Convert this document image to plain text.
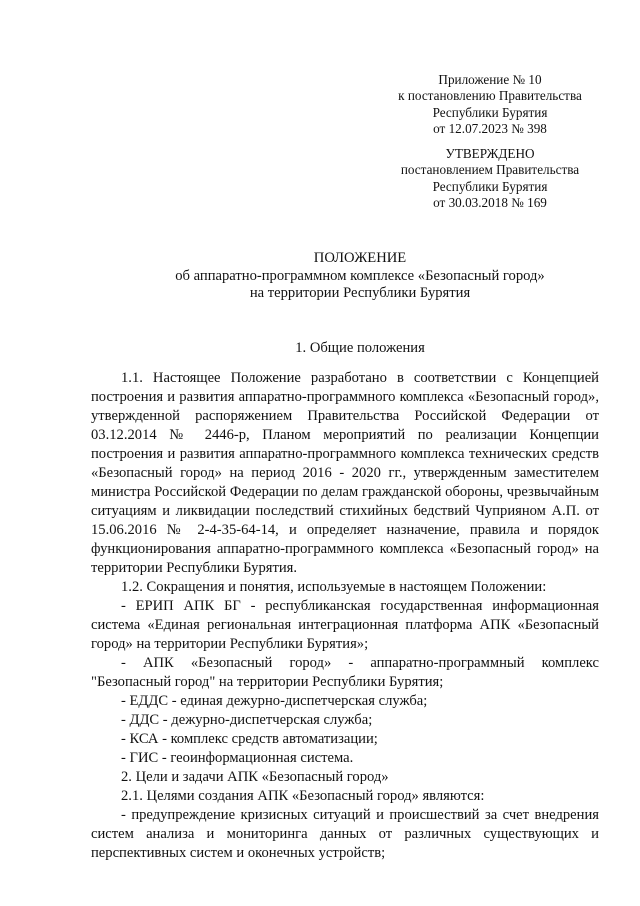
Приложение № 10
к постановлению Правительства
Республики Бурятия
от 12.07.2023 № 398
УТВЕРЖДЕНО
постановлением Правительства
Республики Бурятия
от 30.03.2018 № 169
ПОЛОЖЕНИЕ
об аппаратно-программном комплексе «Безопасный город»
на территории Республики Бурятия
1. Общие положения

1.1. Настоящее Положение разработано в соответствии с Концепцией построения и развития аппаратно-программного комплекса «Безопасный город», утвержденной распоряжением Правительства Российской Федерации от 03.12.2014 № 2446-р, Планом мероприятий по реализации Концепции построения и развития аппаратно-программного комплекса технических средств «Безопасный город» на период 2016 - 2020 гг., утвержденным заместителем министра Российской Федерации по делам гражданской обороны, чрезвычайным ситуациям и ликвидации последствий стихийных бедствий Чуприяном А.П. от 15.06.2016 № 2-4-35-64-14, и определяет назначение, правила и порядок функционирования аппаратно-программного комплекса «Безопасный город» на территории Республики Бурятия.

1.2. Сокращения и понятия, используемые в настоящем Положении:

- ЕРИП АПК БГ - республиканская государственная информационная система «Единая региональная интеграционная платформа АПК «Безопасный город» на территории Республики Бурятия»;

- АПК «Безопасный город» - аппаратно-программный комплекс "Безопасный город" на территории Республики Бурятия;

- ЕДДС - единая дежурно-диспетчерская служба;

- ДДС - дежурно-диспетчерская служба;

- КСА - комплекс средств автоматизации;

- ГИС - геоинформационная система.

2. Цели и задачи АПК «Безопасный город»

2.1. Целями создания АПК «Безопасный город» являются:

- предупреждение кризисных ситуаций и происшествий за счет внедрения систем анализа и мониторинга данных от различных существующих и перспективных систем и оконечных устройств;
